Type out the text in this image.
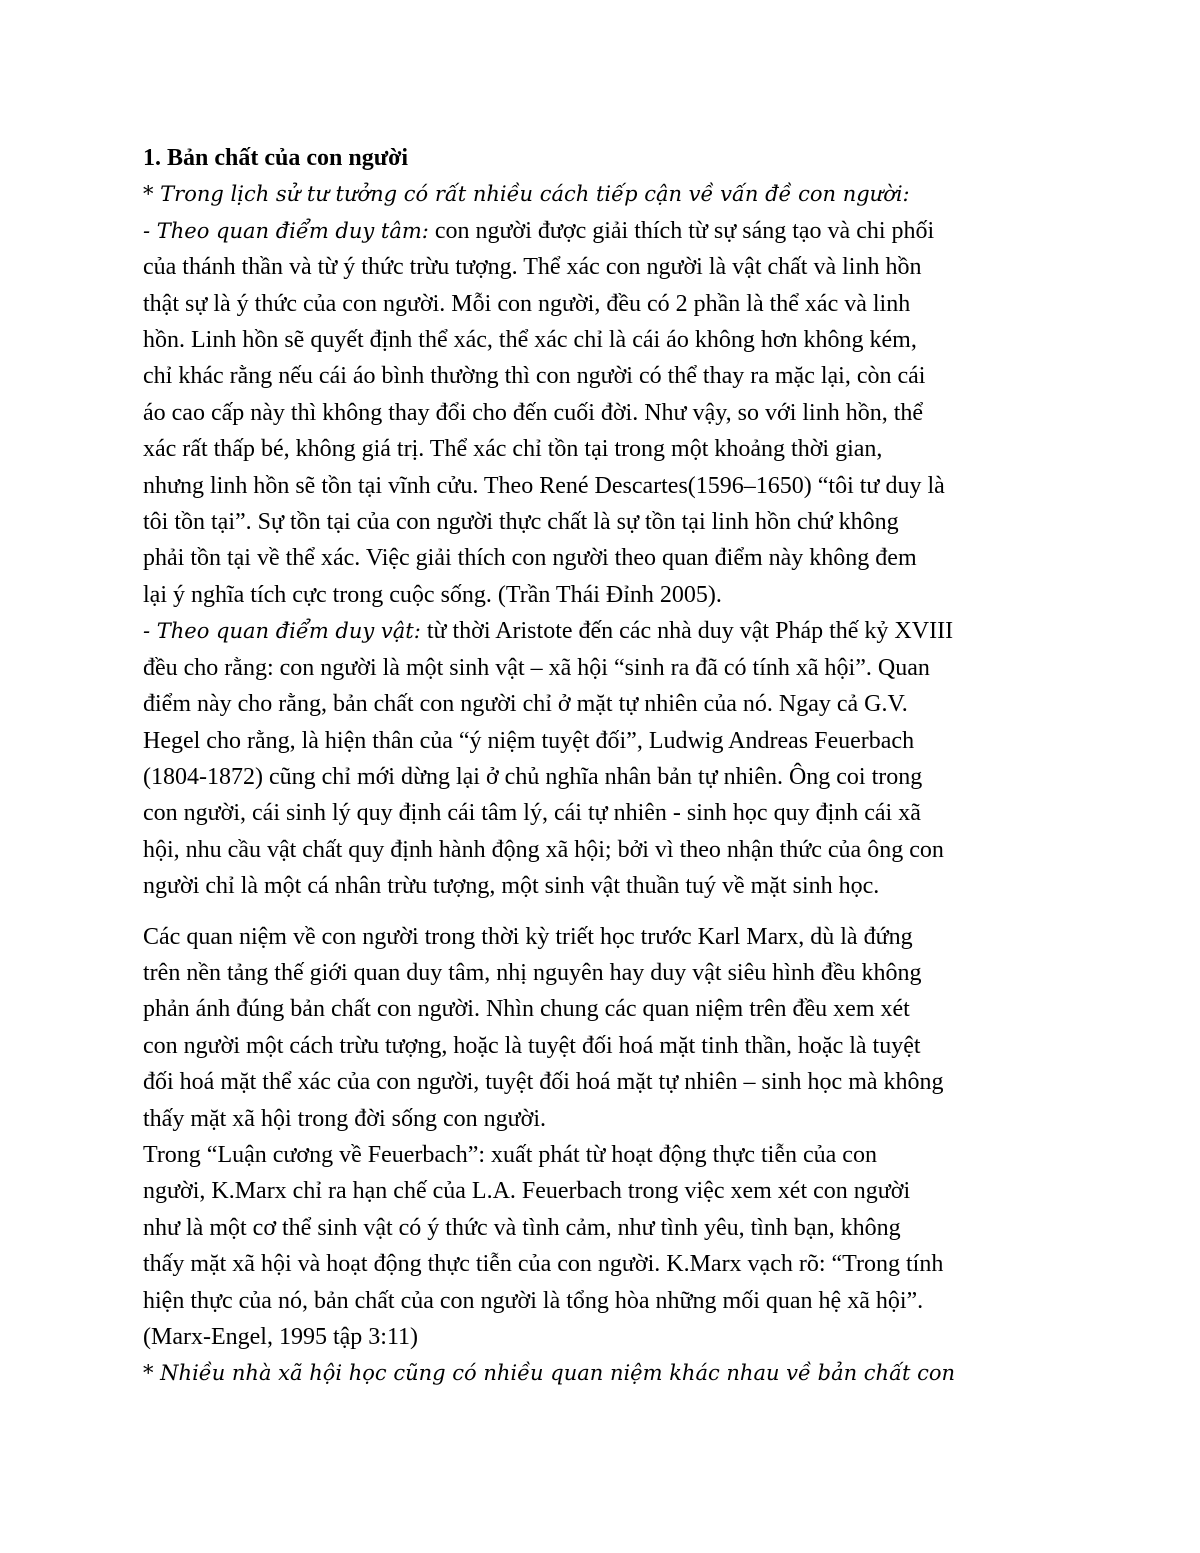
1. Bản chất của con người
* Trong lịch sử tư tưởng có rất nhiều cách tiếp cận về vấn đề con người:
- Theo quan điểm duy tâm: con người được giải thích từ sự sáng tạo và chi phối
của thánh thần và từ ý thức trừu tượng. Thể xác con người là vật chất và linh hồn
thật sự là ý thức của con người. Mỗi con người, đều có 2 phần là thể xác và linh
hồn. Linh hồn sẽ quyết định thể xác, thể xác chỉ là cái áo không hơn không kém,
chỉ khác rằng nếu cái áo bình thường thì con người có thể thay ra mặc lại, còn cái
áo cao cấp này thì không thay đổi cho đến cuối đời. Như vậy, so với linh hồn, thể
xác rất thấp bé, không giá trị. Thể xác chỉ tồn tại trong một khoảng thời gian,
nhưng linh hồn sẽ tồn tại vĩnh cửu. Theo René Descartes(1596–1650) “tôi tư duy là
tôi tồn tại”. Sự tồn tại của con người thực chất là sự tồn tại linh hồn chứ không
phải tồn tại về thể xác. Việc giải thích con người theo quan điểm này không đem
lại ý nghĩa tích cực trong cuộc sống. (Trần Thái Đỉnh 2005).
- Theo quan điểm duy vật: từ thời Aristote đến các nhà duy vật Pháp thế kỷ XVIII
đều cho rằng: con người là một sinh vật – xã hội “sinh ra đã có tính xã hội”. Quan
điểm này cho rằng, bản chất con người chỉ ở mặt tự nhiên của nó. Ngay cả G.V.
Hegel cho rằng, là hiện thân của “ý niệm tuyệt đối”, Ludwig Andreas Feuerbach
(1804-1872) cũng chỉ mới dừng lại ở chủ nghĩa nhân bản tự nhiên. Ông coi trong
con người, cái sinh lý quy định cái tâm lý, cái tự nhiên - sinh học quy định cái xã
hội, nhu cầu vật chất quy định hành động xã hội; bởi vì theo nhận thức của ông con
người chỉ là một cá nhân trừu tượng, một sinh vật thuần tuý về mặt sinh học.
Các quan niệm về con người trong thời kỳ triết học trước Karl Marx, dù là đứng
trên nền tảng thế giới quan duy tâm, nhị nguyên hay duy vật siêu hình đều không
phản ánh đúng bản chất con người. Nhìn chung các quan niệm trên đều xem xét
con người một cách trừu tượng, hoặc là tuyệt đối hoá mặt tinh thần, hoặc là tuyệt
đối hoá mặt thể xác của con người, tuyệt đối hoá mặt tự nhiên – sinh học mà không
thấy mặt xã hội trong đời sống con người.
Trong “Luận cương về Feuerbach”: xuất phát từ hoạt động thực tiễn của con
người, K.Marx chỉ ra hạn chế của L.A. Feuerbach trong việc xem xét con người
như là một cơ thể sinh vật có ý thức và tình cảm, như tình yêu, tình bạn, không
thấy mặt xã hội và hoạt động thực tiễn của con người. K.Marx vạch rõ: “Trong tính
hiện thực của nó, bản chất của con người là tổng hòa những mối quan hệ xã hội”.
(Marx-Engel, 1995 tập 3:11)
* Nhiều nhà xã hội học cũng có nhiều quan niệm khác nhau về bản chất con
